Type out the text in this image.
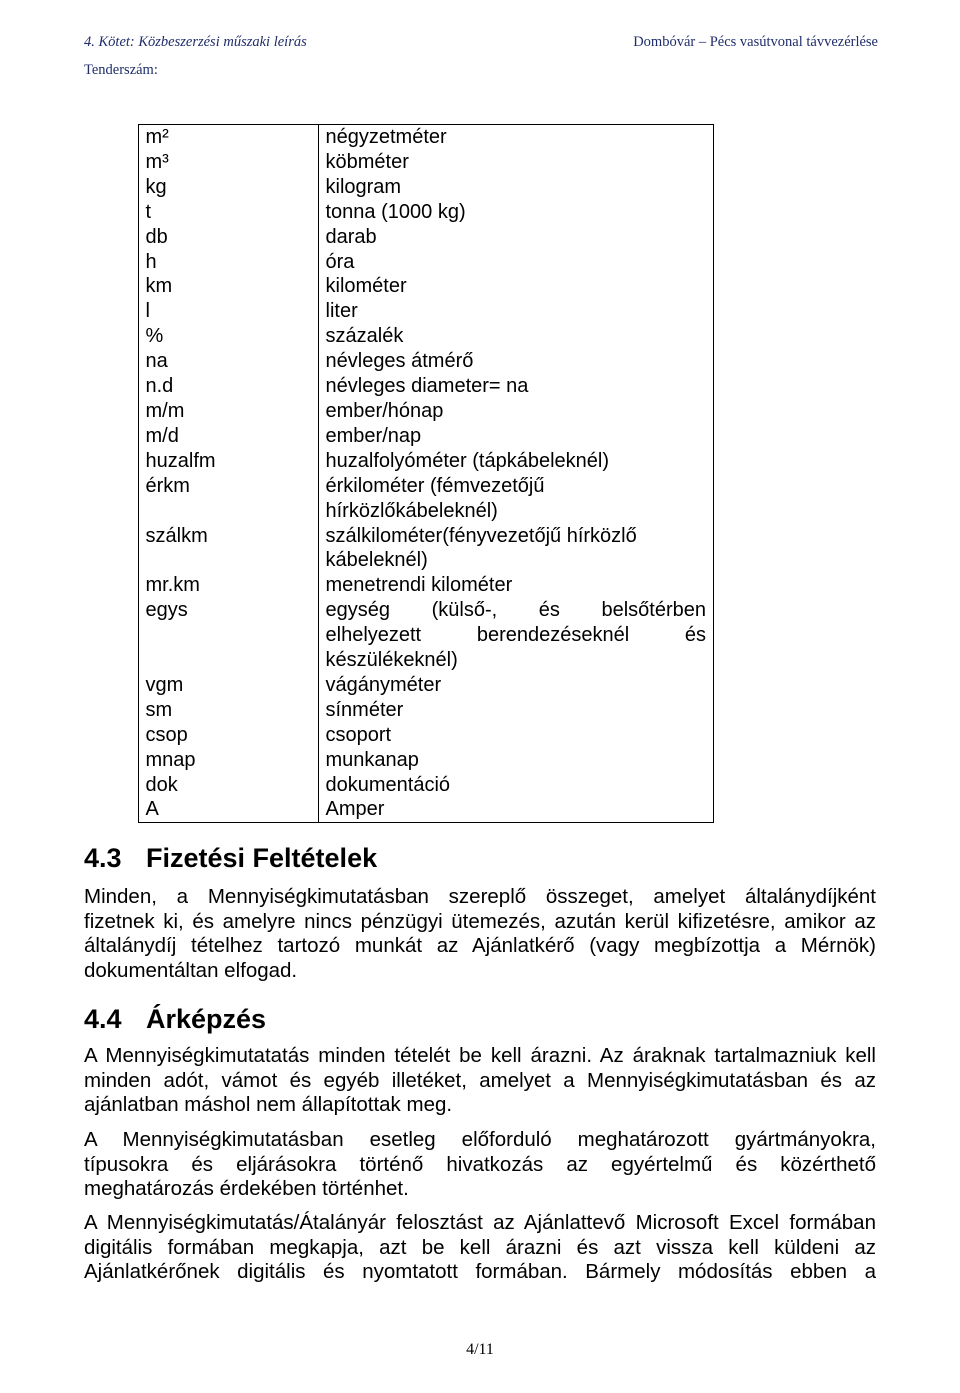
4. Kötet: Közbeszerzési műszaki leírás	Dombóvár – Pécs vasútvonal távvezérlése
Tenderszám:
m²	négyzetméter
m³	köbméter
kg	kilogram
t	tonna (1000 kg)
db	darab
h	óra
km	kilométer
l	liter
%	százalék
na	névleges átmérő
n.d	névleges diameter= na
m/m	ember/hónap
m/d	ember/nap
huzalfm	huzalfolyóméter (tápkábeleknél)
érkm	érkilométer (fémvezetőjű
hírközlőkábeleknél)
szálkm	szálkilométer(fényvezetőjű hírközlő
kábeleknél)
mr.km	menetrendi kilométer
egys	egység (külső-, és belsőtérben
elhelyezett berendezéseknél és
készülékeknél)
vgm	vágányméter
sm	sínméter
csop	csoport
mnap	munkanap
dok	dokumentáció
A	Amper
4.3 Fizetési Feltételek
Minden, a Mennyiségkimutatásban szereplő összeget, amelyet általánydíjként
fizetnek ki, és amelyre nincs pénzügyi ütemezés, azután kerül kifizetésre, amikor az
általánydíj tételhez tartozó munkát az Ajánlatkérő (vagy megbízottja a Mérnök)
dokumentáltan elfogad.
4.4 Árképzés
A Mennyiségkimutatatás minden tételét be kell árazni. Az áraknak tartalmazniuk kell
minden adót, vámot és egyéb illetéket, amelyet a Mennyiségkimutatásban és az
ajánlatban máshol nem állapítottak meg.
A Mennyiségkimutatásban esetleg előforduló meghatározott gyártmányokra,
típusokra és eljárásokra történő hivatkozás az egyértelmű és közérthető
meghatározás érdekében történhet.
A Mennyiségkimutatás/Átalányár felosztást az Ajánlattevő Microsoft Excel formában
digitális formában megkapja, azt be kell árazni és azt vissza kell küldeni az
Ajánlatkérőnek digitális és nyomtatott formában. Bármely módosítás ebben a
4/11
